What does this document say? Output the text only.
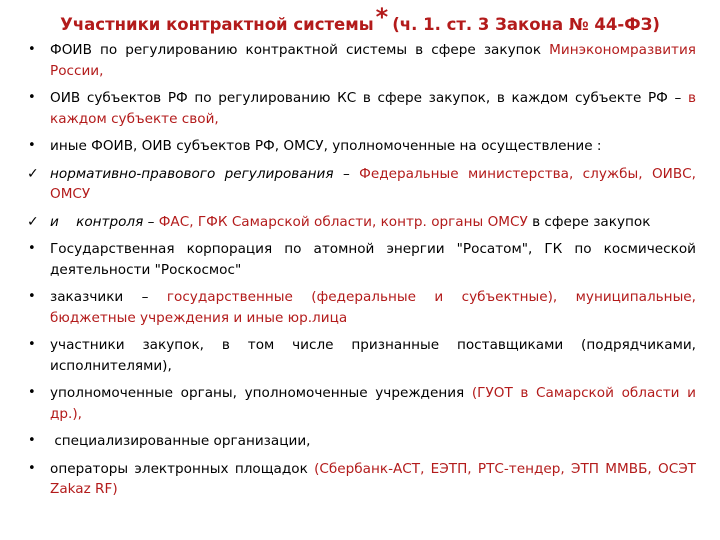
Участники контрактной системы* (ч. 1. ст. 3 Закона № 44-ФЗ)
•	ФОИВ по регулированию контрактной системы в сфере закупок Минэкономразвития России,
•	ОИВ субъектов РФ по регулированию КС в сфере закупок, в каждом субъекте РФ – в каждом субъекте свой,
•	иные ФОИВ, ОИВ субъектов РФ, ОМСУ, уполномоченные на осуществление :
✓ нормативно-правового регулирования – Федеральные министерства, службы, ОИВС, ОМСУ
✓ и    контроля – ФАС, ГФК Самарской области, контр. органы ОМСУ в сфере закупок
•	Государственная корпорация по атомной энергии "Росатом", ГК по космической деятельности "Роскосмос"
•	заказчики – государственные (федеральные и субъектные), муниципальные, бюджетные учреждения и иные юр.лица
•	участники закупок, в том числе признанные поставщиками (подрядчиками, исполнителями),
•	уполномоченные органы, уполномоченные учреждения (ГУОТ в Самарской области и др.),
•	специализированные организации,
•	операторы электронных площадок (Сбербанк-АСТ, ЕЭТП, РТС-тендер, ЭТП ММВБ, ОСЭТ Zakaz RF)
